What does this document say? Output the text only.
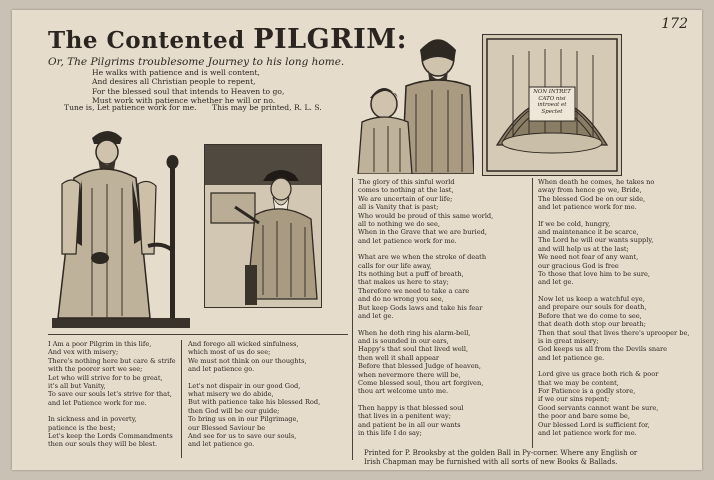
172
The Contented PILGRIM:
Or, The Pilgrims troublesome Journey to his long home.
He walks with patience and is well content,
And desires all Christian people to repent,
For the blessed soul that intends to Heaven to go,
Must work with patience whether he will or no.
Tune is, Let patience work for me. This may be printed, R. L. S.
NON INTRET CATO nisi introeat et Spectet
I Am a poor Pilgrim in this life,
And vex with misery;
There's nothing here but care & strife
with the poorer sort we see;
Let who will strive for to be great,
it's all but Vanity,
To save our souls let's strive for that,
and let Patience work for me.
In sickness and in poverty,
patience is the best;
Let's keep the Lords Commandments
then our souls they will be blest.
And forego all wicked sinfulness,
which most of us do see;
We must not think on our thoughts,
and let patience go.
Let's not dispair in our good God,
what misery we do abide,
But with patience take his blessed Rod,
then God will be our guide;
To bring us on in our Pilgrimage,
our Blessed Saviour be
And see for us to save our souls,
and let patience go.
The glory of this sinful world
comes to nothing at the last,
We are uncertain of our life;
all is Vanity that is past;
Who would be proud of this same world,
all to nothing we do see,
When in the Grave that we are buried,
and let patience work for me.
What are we when the stroke of death
calls for our life away,
Its nothing but a puff of breath,
that makes us here to stay;
Therefore we need to take a care
and do no wrong you see,
But keep Gods laws and take his fear
and let ge.
When he doth ring his alarm-bell,
and is sounded in our ears,
Happy's that soul that lived well,
then well it shall appear
Before that blessed Judge of heaven,
when nevermore there will be,
Come blessed soul, thou art forgiven,
thou art welcome unto me.
Then happy is that blessed soul
that lives in a penitent way;
and patient be in all our wants
in this life I do say;
When death he comes, he takes no
away from hence go we, Bride,
The blessed God be on our side,
and let patience work for me.
If we be cold, hungry,
and maintenance it be scarce,
The Lord he will our wants supply,
and will help us at the last;
We need not fear of any want,
our gracious God is free
To those that love him to be sure,
and let ge.
Now let us keep a watchful eye,
and prepare our souls for death,
Before that we do come to see,
that death doth stop our breath;
Then that soul that lives there's uprooper be,
is in great misery;
God keeps us all from the Devils snare
and let patience ge.
Lord give us grace both rich & poor
that we may be content,
For Patience is a godly store,
if we our sins repent;
Good servants cannot want be sure,
the poor and bare some be,
Our blessed Lord is sufficient for,
and let patience work for me.
Printed for P. Brooksby at the golden Ball in Py-corner. Where any English or
Irish Chapman may be furnished with all sorts of new Books & Ballads.
